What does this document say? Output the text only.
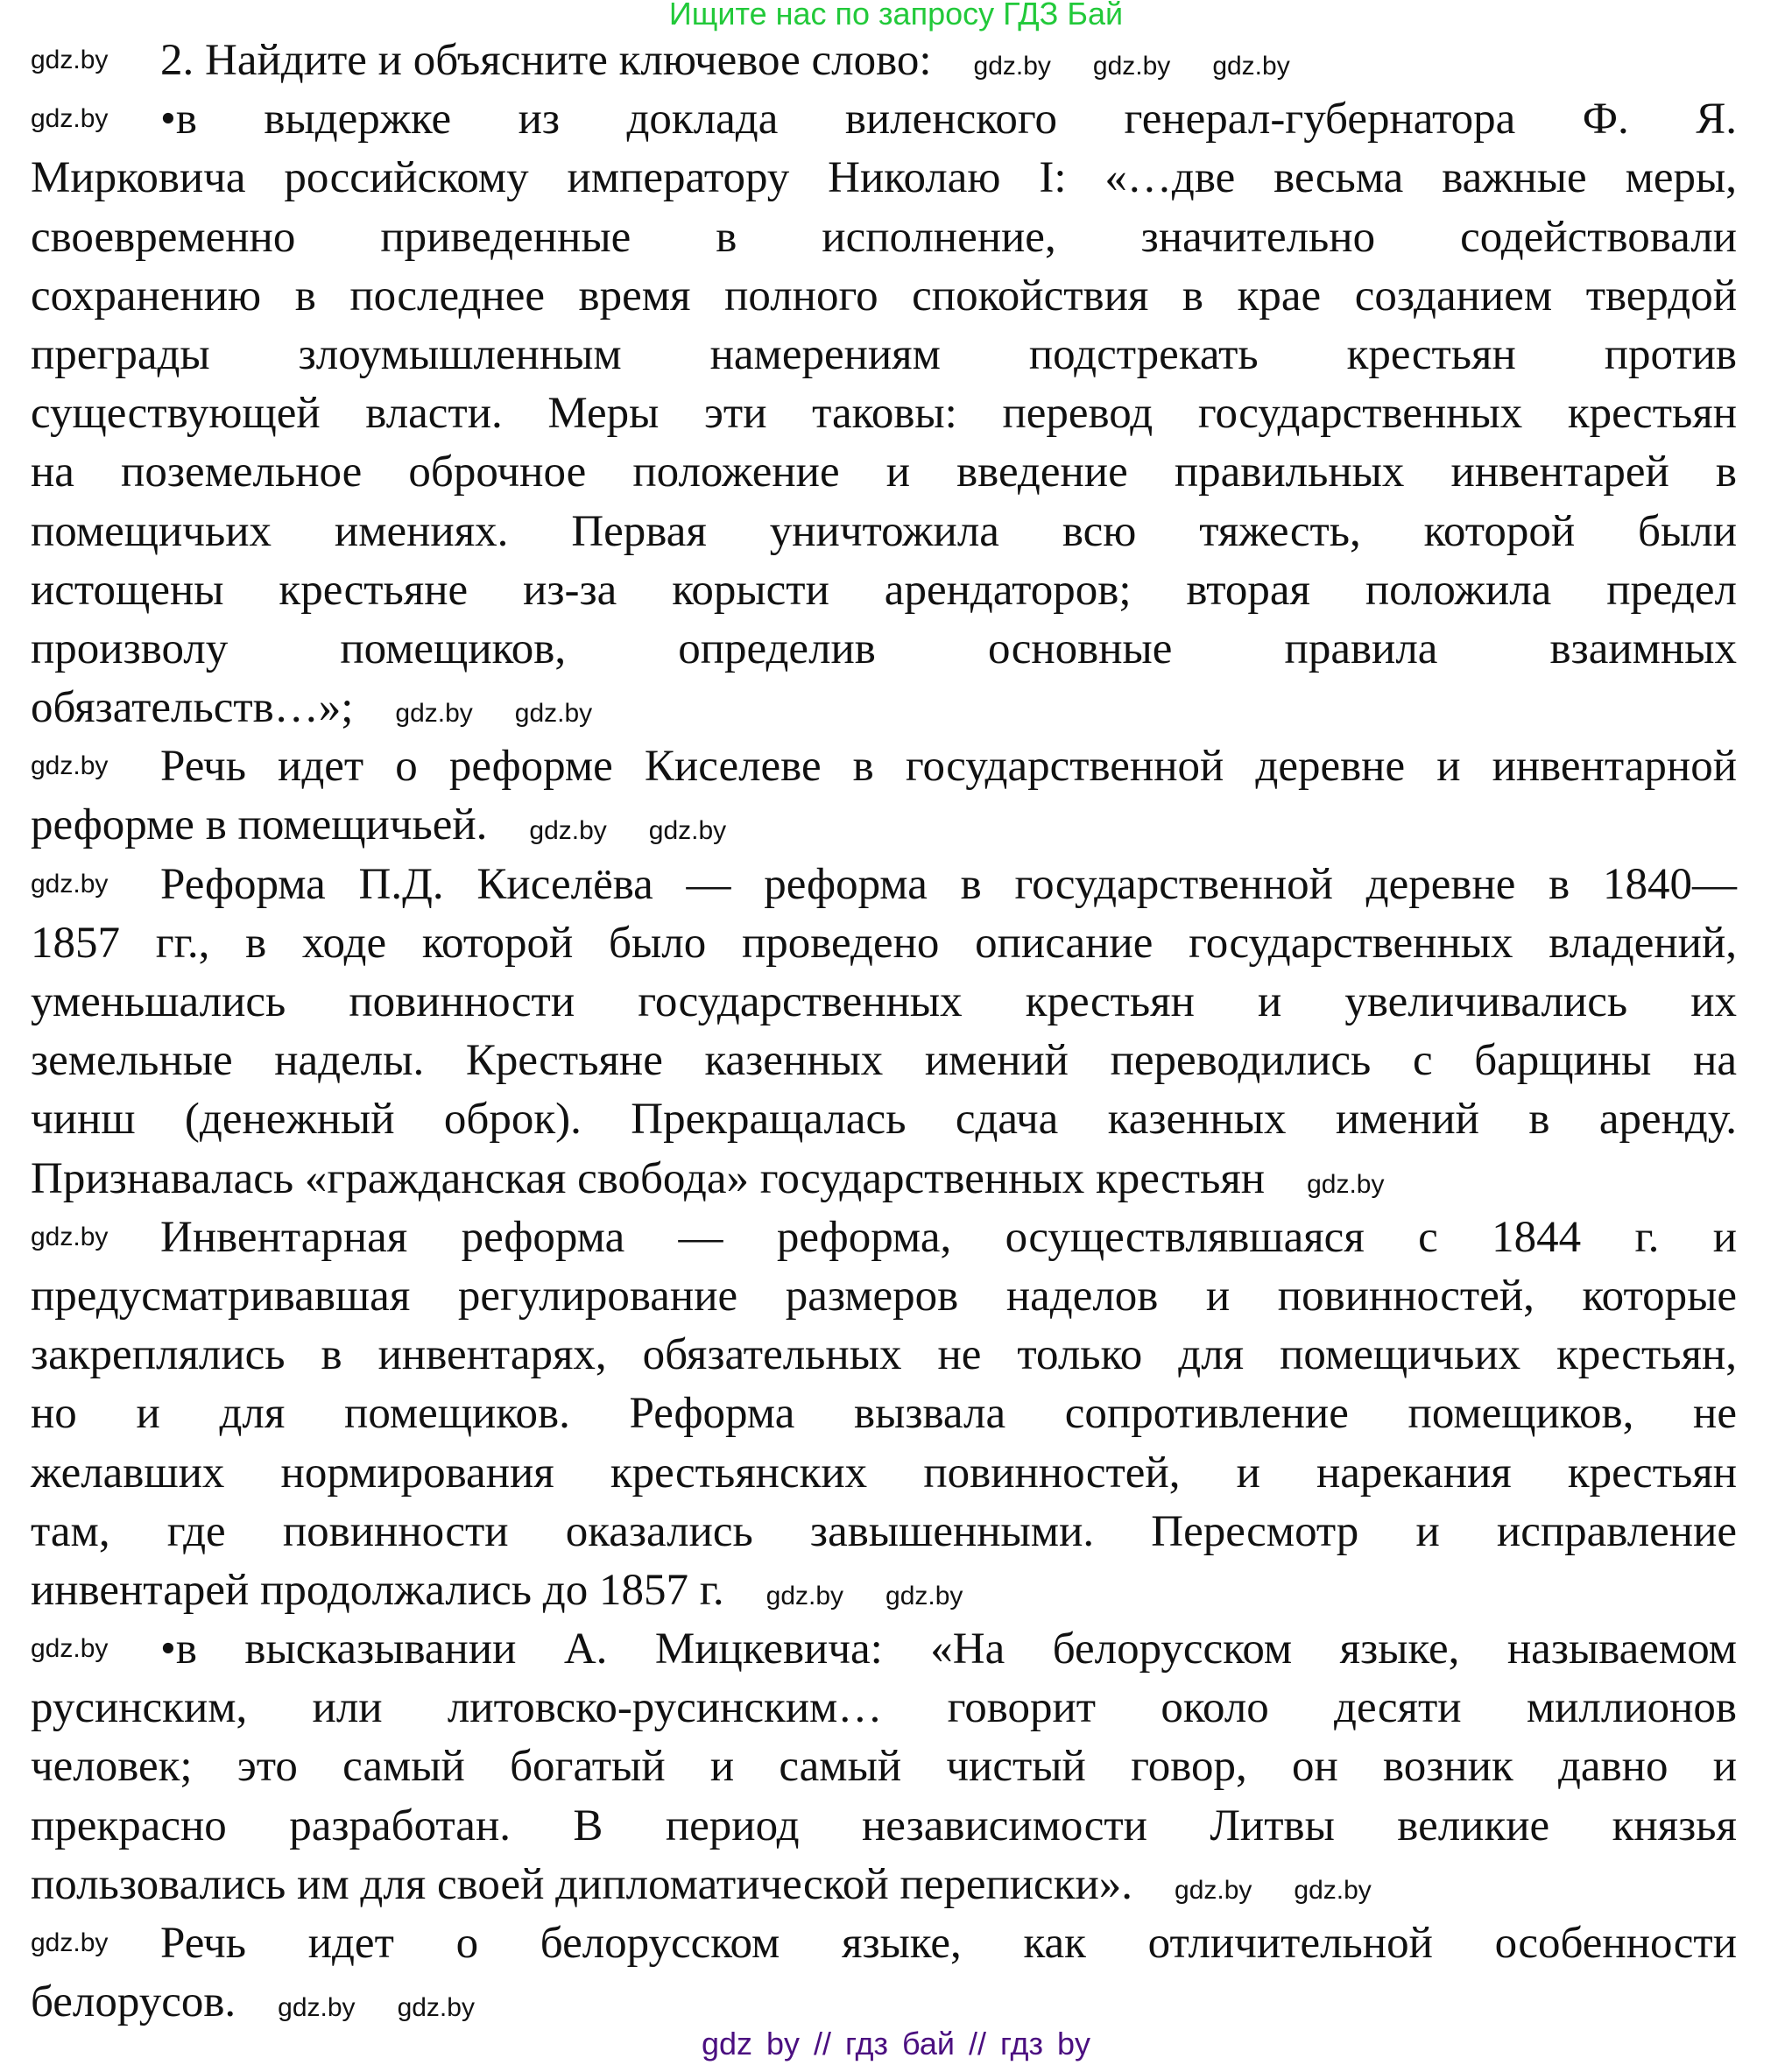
Ищите нас по запросу ГДЗ Бай
2. Найдите и объясните ключевое слово:
gdz.by	gdz.by gdz.by gdz.by
•в выдержке из доклада виленского генерал-губернатора Ф. Я.
gdz.by
Мирковича российскому императору Николаю I: «…две весьма важные меры,
своевременно приведенные в исполнение, значительно содействовали
сохранению в последнее время полного спокойствия в крае созданием твердой
преграды злоумышленным намерениям подстрекать крестьян против
существующей власти. Меры эти таковы: перевод государственных крестьян
на поземельное оброчное положение и введение правильных инвентарей в
помещичьих имениях. Первая уничтожила всю тяжесть, которой были
истощены крестьяне из-за корысти арендаторов; вторая положила предел
произволу помещиков, определив основные правила взаимных
обязательств…»; gdz.by gdz.by
Речь идет о реформе Киселеве в государственной деревне и инвентарной
gdz.by
реформе в помещичьей. gdz.by gdz.by
Реформа П.Д. Киселёва — реформа в государственной деревне в 1840—
gdz.by
1857 гг., в ходе которой было проведено описание государственных владений,
уменьшались повинности государственных крестьян и увеличивались их
земельные наделы. Крестьяне казенных имений переводились с барщины на
чинш (денежный оброк). Прекращалась сдача казенных имений в аренду.
Признавалась «гражданская свобода» государственных крестьян gdz.by
Инвентарная реформа — реформа, осуществлявшаяся с 1844 г. и
gdz.by
предусматривавшая регулирование размеров наделов и повинностей, которые
закреплялись в инвентарях, обязательных не только для помещичьих крестьян,
но и для помещиков. Реформа вызвала сопротивление помещиков, не
желавших нормирования крестьянских повинностей, и нарекания крестьян
там, где повинности оказались завышенными. Пересмотр и исправление
инвентарей продолжались до 1857 г. gdz.by gdz.by
•в высказывании А. Мицкевича: «На белорусском языке, называемом
gdz.by
русинским, или литовско-русинским… говорит около десяти миллионов
человек; это самый богатый и самый чистый говор, он возник давно и
прекрасно разработан. В период независимости Литвы великие князья
пользовались им для своей дипломатической переписки». gdz.by gdz.by
Речь идет о белорусском языке, как отличительной особенности
gdz.by
белорусов. gdz.by gdz.by
gdz by // гдз бай // гдз by
